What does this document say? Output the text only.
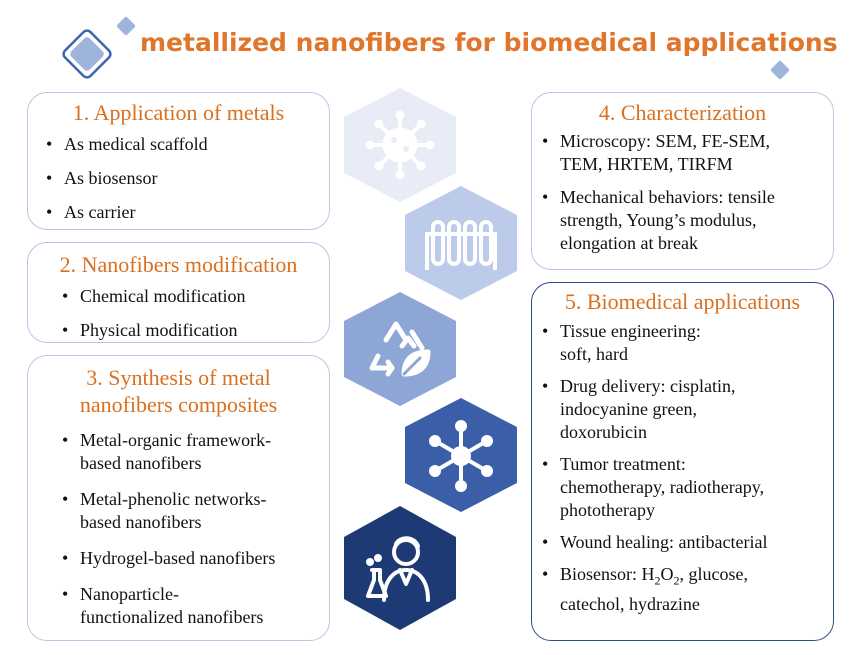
metallized nanofibers for biomedical applications
1. Application of metals
• As medical scaffold
• As biosensor
• As carrier
2. Nanofibers modification
• Chemical modification
• Physical modification
3. Synthesis of metal
nanofibers composites
• Metal-organic framework-
based nanofibers
• Metal-phenolic networks-
based nanofibers
• Hydrogel-based nanofibers
• Nanoparticle-
functionalized nanofibers
4. Characterization
• Microscopy: SEM, FE-SEM,
TEM, HRTEM, TIRFM
• Mechanical behaviors: tensile
strength, Young’s modulus,
elongation at break
5. Biomedical applications
• Tissue engineering:
soft, hard
• Drug delivery: cisplatin,
indocyanine green,
doxorubicin
• Tumor treatment:
chemotherapy, radiotherapy,
phototherapy
• Wound healing: antibacterial
• Biosensor: $H_2O_2$, glucose,
catechol, hydrazine
